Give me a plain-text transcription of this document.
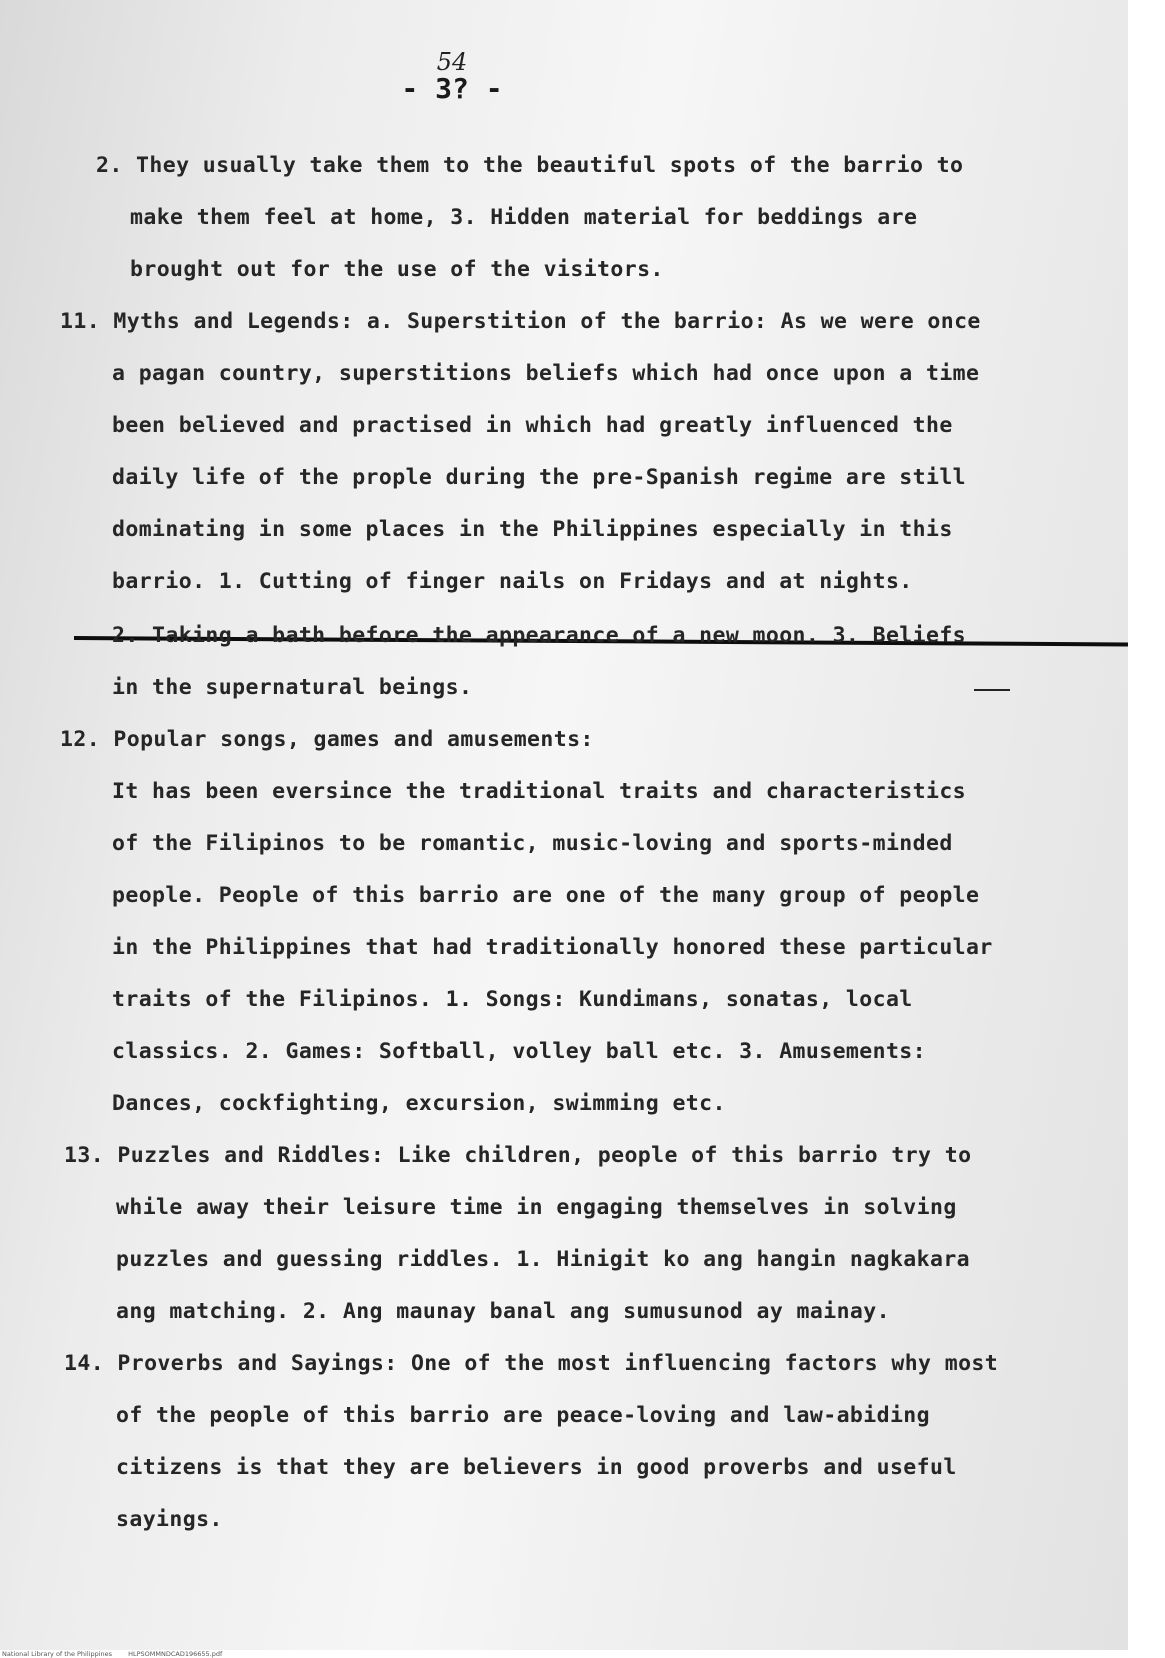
54
- 3? -
2. They usually take them to the beautiful spots of the barrio to
make them feel at home, 3. Hidden material for beddings are
brought out for the use of the visitors.
11. Myths and Legends: a. Superstition of the barrio: As we were once
a pagan country, superstitions beliefs which had once upon a time
been believed and practised in which had greatly influenced the
daily life of the prople during the pre-Spanish regime are still
dominating in some places in the Philippines especially in this
barrio. 1. Cutting of finger nails on Fridays and at nights.
2. Taking a bath before the appearance of a new moon. 3. Beliefs
in the supernatural beings.
12. Popular songs, games and amusements:
It has been eversince the traditional traits and characteristics
of the Filipinos to be romantic, music-loving and sports-minded
people. People of this barrio are one of the many group of people
in the Philippines that had traditionally honored these particular
traits of the Filipinos. 1. Songs: Kundimans, sonatas, local
classics. 2. Games: Softball, volley ball etc. 3. Amusements:
Dances, cockfighting, excursion, swimming etc.
13. Puzzles and Riddles: Like children, people of this barrio try to
while away their leisure time in engaging themselves in solving
puzzles and guessing riddles. 1. Hinigit ko ang hangin nagkakara
ang matching. 2. Ang maunay banal ang sumusunod ay mainay.
14. Proverbs and Sayings: One of the most influencing factors why most
of the people of this barrio are peace-loving and law-abiding
citizens is that they are believers in good proverbs and useful
sayings.
National Library of the Philippines HLPSOMMNDCAD196655.pdf
